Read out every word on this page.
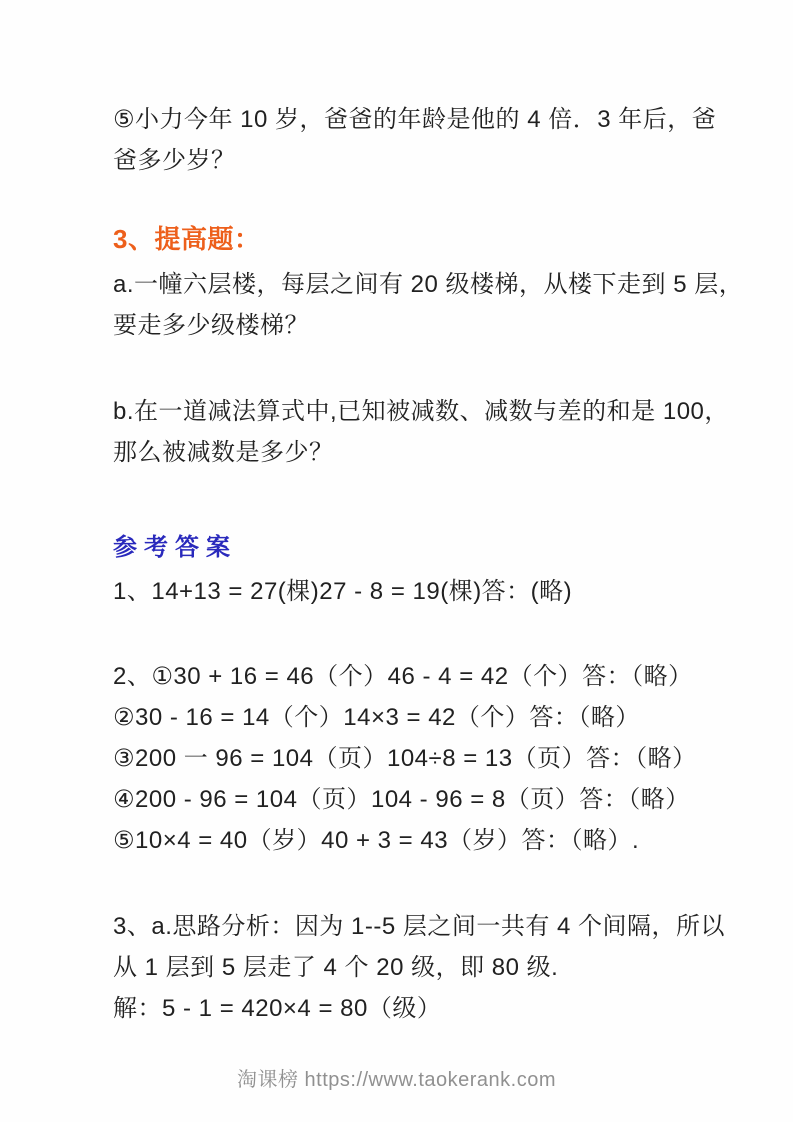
⑤小力今年 10 岁，爸爸的年龄是他的 4 倍．3 年后，爸
爸多少岁？
3、提高题：
a.一幢六层楼，每层之间有 20 级楼梯，从楼下走到 5 层，
要走多少级楼梯？
b.在一道减法算式中,已知被减数、减数与差的和是 100，
那么被减数是多少？
参考答案
1、14+13 = 27(棵)27 - 8 = 19(棵)答：(略)
2、①30 + 16 = 46（个）46 - 4 = 42（个）答：（略）
②30 - 16 = 14（个）14×3 = 42（个）答：（略）
③200 一 96 = 104（页）104÷8 = 13（页）答：（略）
④200 - 96 = 104（页）104 - 96 = 8（页）答：（略）
⑤10×4 = 40（岁）40 + 3 = 43（岁）答：（略）.
3、a.思路分析：因为 1--5 层之间一共有 4 个间隔，所以
从 1 层到 5 层走了 4 个 20 级，即 80 级.
解：5 - 1 = 420×4 = 80（级）
淘课榜 https://www.taokerank.com
